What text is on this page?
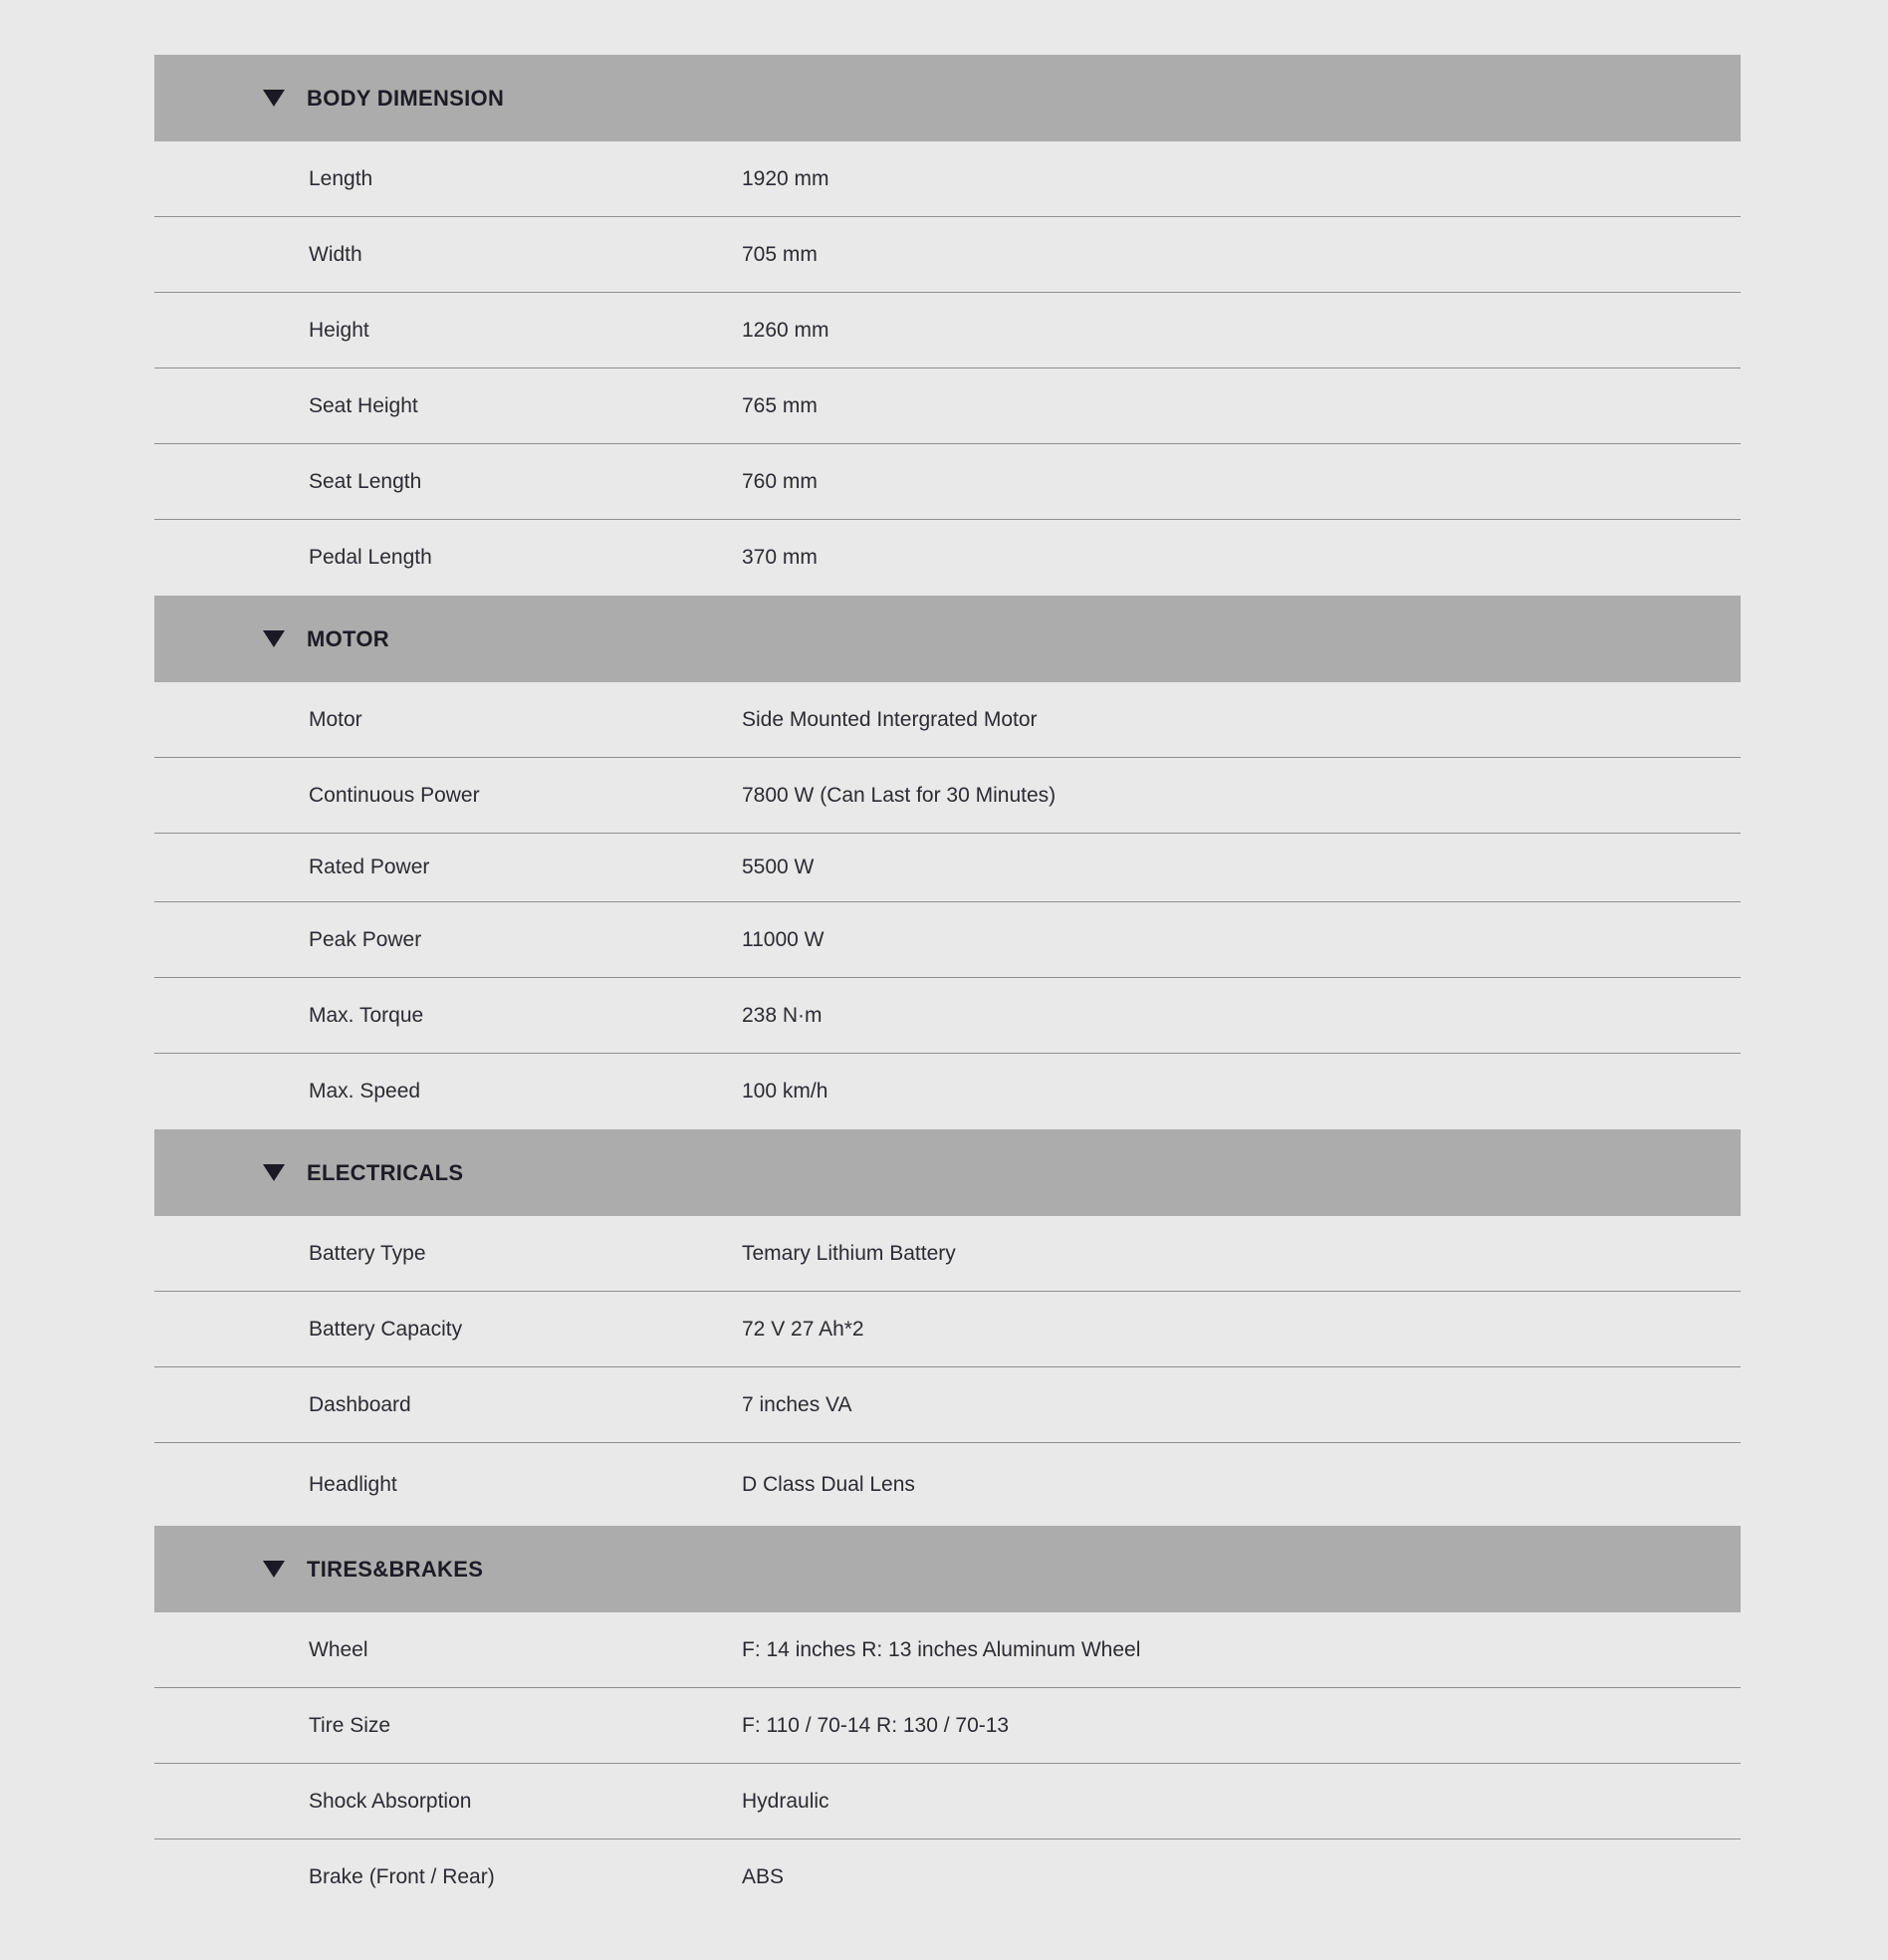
BODY DIMENSION
Length	1920 mm
Width	705 mm
Height	1260 mm
Seat Height	765 mm
Seat Length	760 mm
Pedal Length	370 mm
MOTOR
Motor	Side Mounted Intergrated Motor
Continuous Power	7800 W (Can Last for 30 Minutes)
Rated Power	5500 W
Peak Power	11000 W
Max. Torque	238 N·m
Max. Speed	100 km/h
ELECTRICALS
Battery Type	Temary Lithium Battery
Battery Capacity	72 V 27 Ah*2
Dashboard	7 inches VA
Headlight	D Class Dual Lens
TIRES&BRAKES
Wheel	F: 14 inches R: 13 inches Aluminum Wheel
Tire Size	F: 110 / 70-14 R: 130 / 70-13
Shock Absorption	Hydraulic
Brake (Front / Rear)	ABS
